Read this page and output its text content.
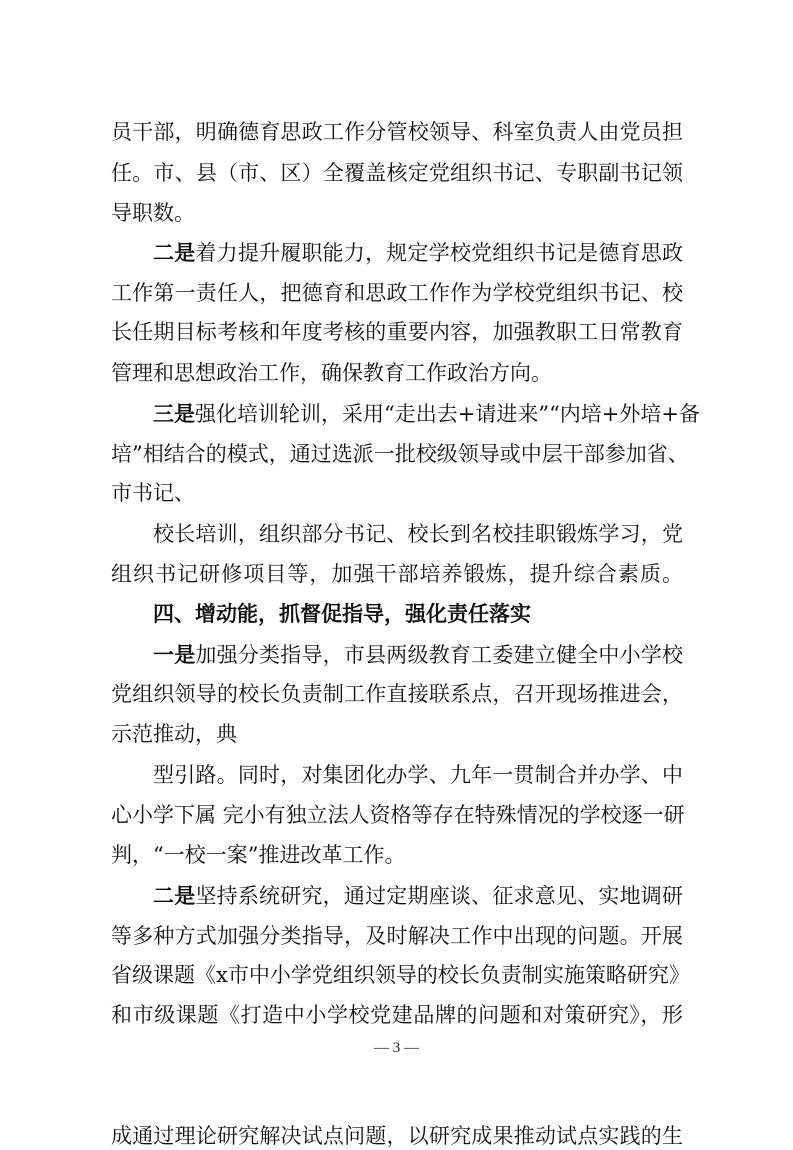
员干部，明确德育思政工作分管校领导、科室负责人由党员担
任。市、县（市、区）全覆盖核定党组织书记、专职副书记领
导职数。
二是着力提升履职能力，规定学校党组织书记是德育思政
工作第一责任人，把德育和思政工作作为学校党组织书记、校
长任期目标考核和年度考核的重要内容，加强教职工日常教育
管理和思想政治工作，确保教育工作政治方向。
三是强化培训轮训，采用“走出去+请进来”“内培+外培+备
培”相结合的模式，通过选派一批校级领导或中层干部参加省、
市书记、
校长培训，组织部分书记、校长到名校挂职锻炼学习，党
组织书记研修项目等，加强干部培养锻炼，提升综合素质。
四、增动能，抓督促指导，强化责任落实
一是加强分类指导，市县两级教育工委建立健全中小学校
党组织领导的校长负责制工作直接联系点，召开现场推进会，
示范推动，典
型引路。同时，对集团化办学、九年一贯制合并办学、中
心小学下属 完小有独立法人资格等存在特殊情况的学校逐一研
判，“一校一案”推进改革工作。
二是坚持系统研究，通过定期座谈、征求意见、实地调研
等多种方式加强分类指导，及时解决工作中出现的问题。开展
省级课题《x市中小学党组织领导的校长负责制实施策略研究》
和市级课题《打造中小学校党建品牌的问题和对策研究》，形
成通过理论研究解决试点问题，以研究成果推动试点实践的生
— 3 —
